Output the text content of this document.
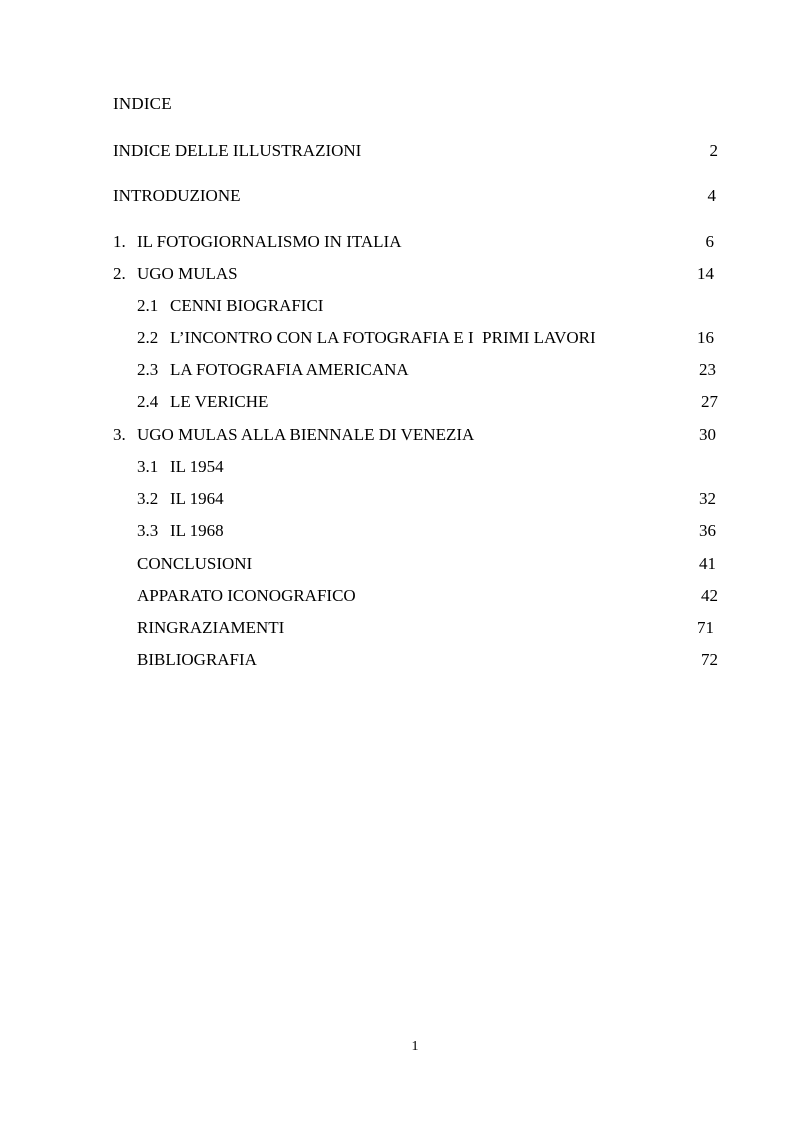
INDICE
INDICE DELLE ILLUSTRAZIONI	2
INTRODUZIONE	4
1. IL FOTOGIORNALISMO IN ITALIA	6
2. UGO MULAS	14
2.1 CENNI BIOGRAFICI
2.2 L’INCONTRO CON LA FOTOGRAFIA E I  PRIMI LAVORI	16
2.3 LA FOTOGRAFIA AMERICANA	23
2.4 LE VERICHE	27
3. UGO MULAS ALLA BIENNALE DI VENEZIA	30
3.1 IL 1954
3.2 IL 1964	32
3.3 IL 1968	36
CONCLUSIONI	41
APPARATO ICONOGRAFICO	42
RINGRAZIAMENTI	71
BIBLIOGRAFIA	72
1
